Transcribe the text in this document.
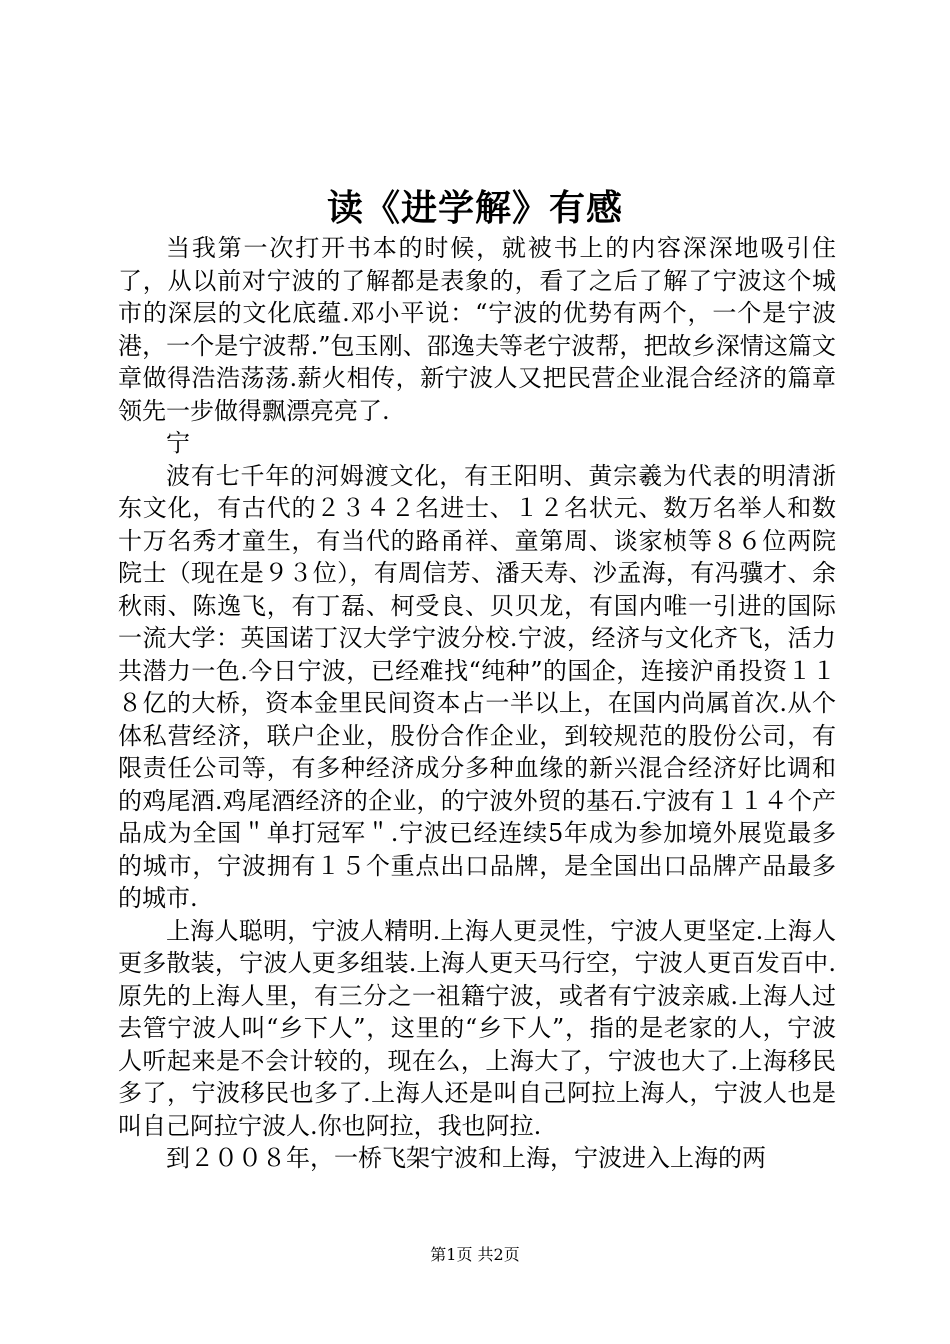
读《进学解》有感

当我第一次打开书本的时候，就被书上的内容深深地吸引住了，从以前对宁波的了解都是表象的，看了之后了解了宁波这个城市的深层的文化底蕴.邓小平说：“宁波的优势有两个，一个是宁波港，一个是宁波帮.”包玉刚、邵逸夫等老宁波帮，把故乡深情这篇文章做得浩浩荡荡.薪火相传，新宁波人又把民营企业混合经济的篇章领先一步做得飘漂亮亮了.

宁

波有七千年的河姆渡文化，有王阳明、黄宗羲为代表的明清浙东文化，有古代的２３４２名进士、１２名状元、数万名举人和数十万名秀才童生，有当代的路甬祥、童第周、谈家桢等８６位两院院士（现在是９３位），有周信芳、潘天寿、沙孟海，有冯骥才、余秋雨、陈逸飞，有丁磊、柯受良、贝贝龙，有国内唯一引进的国际一流大学：英国诺丁汉大学宁波分校.宁波，经济与文化齐飞，活力共潜力一色.今日宁波，已经难找“纯种”的国企，连接沪甬投资１１８亿的大桥，资本金里民间资本占一半以上，在国内尚属首次.从个体私营经济，联户企业，股份合作企业，到较规范的股份公司，有限责任公司等，有多种经济成分多种血缘的新兴混合经济好比调和的鸡尾酒.鸡尾酒经济的企业，的宁波外贸的基石.宁波有１１４个产品成为全国＂单打冠军＂.宁波已经连续5年成为参加境外展览最多的城市，宁波拥有１５个重点出口品牌，是全国出口品牌产品最多的城市.

上海人聪明，宁波人精明.上海人更灵性，宁波人更坚定.上海人更多散装，宁波人更多组装.上海人更天马行空，宁波人更百发百中.原先的上海人里，有三分之一祖籍宁波，或者有宁波亲戚.上海人过去管宁波人叫“乡下人”，这里的“乡下人”，指的是老家的人，宁波人听起来是不会计较的，现在么，上海大了，宁波也大了.上海移民多了，宁波移民也多了.上海人还是叫自己阿拉上海人，宁波人也是叫自己阿拉宁波人.你也阿拉，我也阿拉.

到２００８年，一桥飞架宁波和上海，宁波进入上海的两

第1页 共2页
